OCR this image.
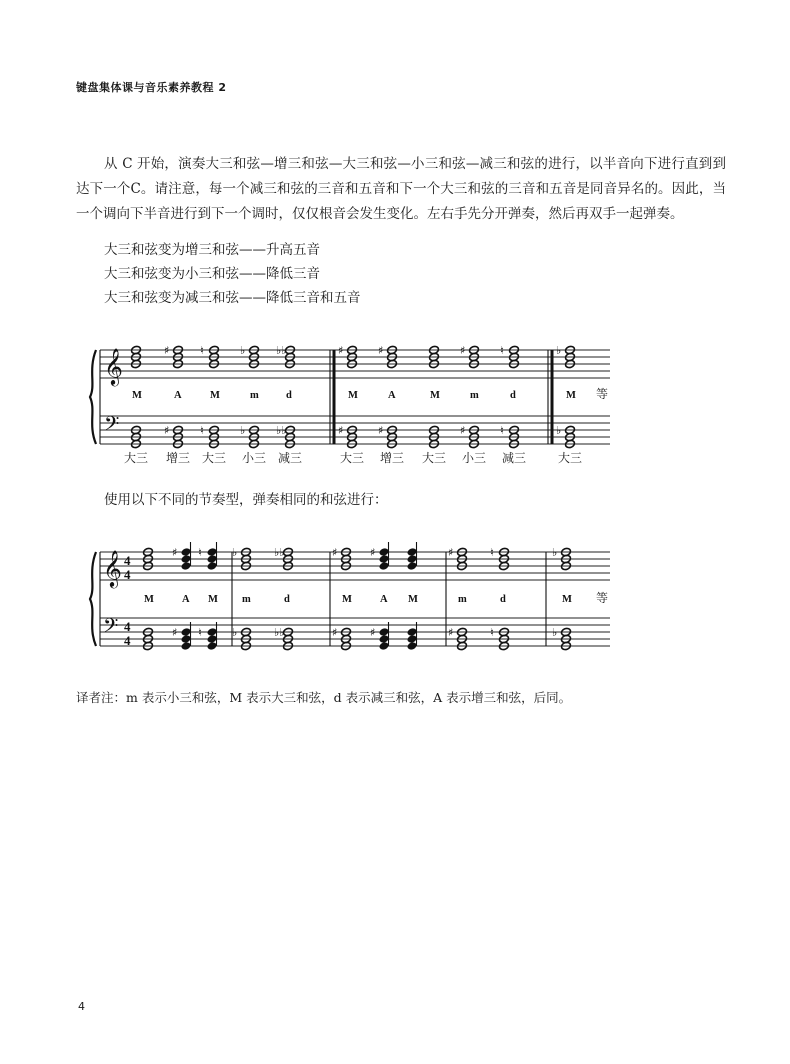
键盘集体课与音乐素养教程 2

从 C 开始，演奏大三和弦—增三和弦—大三和弦—小三和弦—减三和弦的进行，以半音向下进行直到到达下一个C。请注意，每一个减三和弦的三音和五音和下一个大三和弦的三音和五音是同音异名的。因此，当一个调向下半音进行到下一个调时，仅仅根音会发生变化。左右手先分开弹奏，然后再双手一起弹奏。

大三和弦变为增三和弦——升高五音
大三和弦变为小三和弦——降低三音
大三和弦变为减三和弦——降低三音和五音
𝄞
𝄢
♯
♯
♮
♮
♭
♭
♭♭
♭♭
♯
♯
♯
♯
♯
♯
♮
♮
♭
♭
M	A	M	m	d	M	A	M	m	d	M 等
大三 增三 大三 小三 减三	大三 增三 大三 小三 减三	大三
使用以下不同的节奏型，弹奏相同的和弦进行：
𝄞
𝄢
4
4
4
4
♯
♯
♮
♮
♭
♭
♭♭
♭♭
♯
♯
♯
♯
♯
♯
♮
♮
♭
♭
M	A M m	d	M	A M	m	d	M 等
译者注：m 表示小三和弦，M 表示大三和弦，d 表示减三和弦，A 表示增三和弦，后同。
4
